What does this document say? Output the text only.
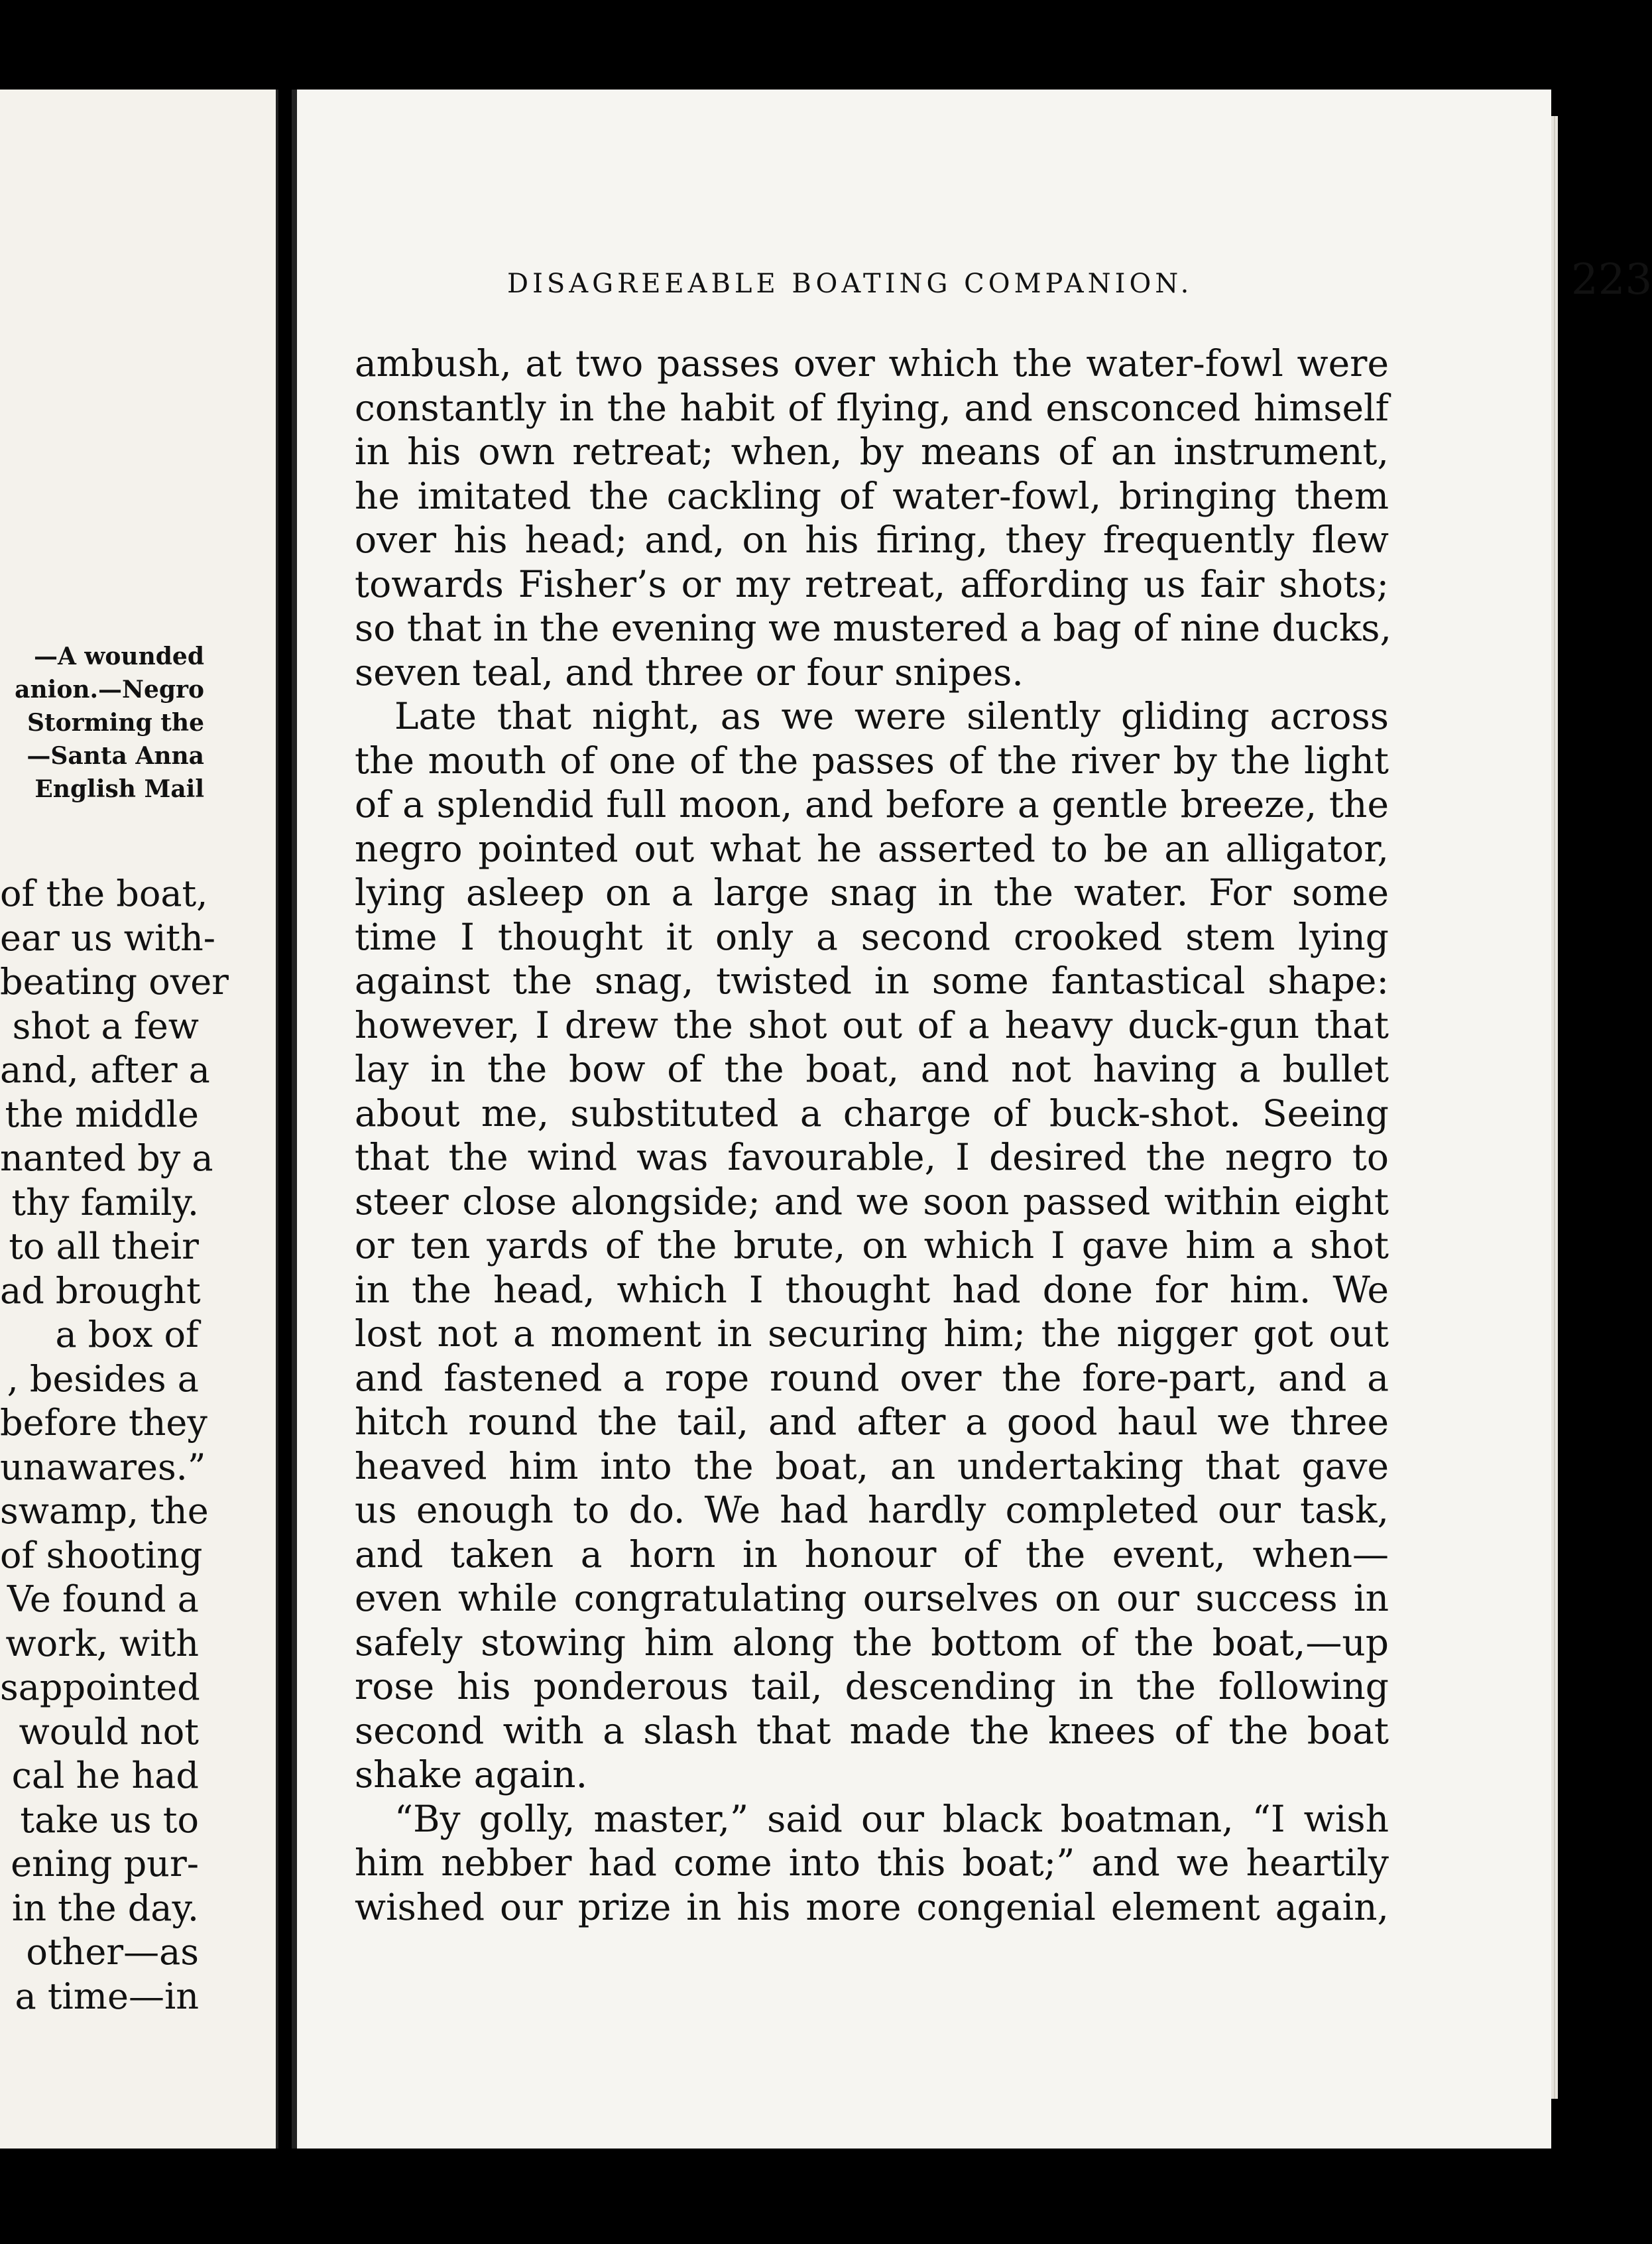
—A wounded
anion.—Negro
Storming the
—Santa Anna
English Mail
of the boat,
ear us with-
beating over
shot a few
and, after a
the middle
nanted by a
thy family.
to all their
ad brought
a box of
, besides a
before they
unawares.”
swamp, the
of shooting
Ve found a
work, with
sappointed
would not
cal he had
take us to
ening pur-
in the day.
other—as
a time—in
DISAGREEABLE BOATING COMPANION.	223

ambush, at two passes over which the water-fowl were
constantly in the habit of flying, and ensconced himself
in his own retreat; when, by means of an instrument,
he imitated the cackling of water-fowl, bringing them
over his head; and, on his firing, they frequently flew
towards Fisher’s or my retreat, affording us fair shots;
so that in the evening we mustered a bag of nine ducks,
seven teal, and three or four snipes.

Late that night, as we were silently gliding across
the mouth of one of the passes of the river by the light
of a splendid full moon, and before a gentle breeze, the
negro pointed out what he asserted to be an alligator,
lying asleep on a large snag in the water. For some
time I thought it only a second crooked stem lying
against the snag, twisted in some fantastical shape:
however, I drew the shot out of a heavy duck-gun that
lay in the bow of the boat, and not having a bullet
about me, substituted a charge of buck-shot. Seeing
that the wind was favourable, I desired the negro to
steer close alongside; and we soon passed within eight
or ten yards of the brute, on which I gave him a shot
in the head, which I thought had done for him. We
lost not a moment in securing him; the nigger got out
and fastened a rope round over the fore-part, and a
hitch round the tail, and after a good haul we three
heaved him into the boat, an undertaking that gave
us enough to do. We had hardly completed our task,
and taken a horn in honour of the event, when—
even while congratulating ourselves on our success in
safely stowing him along the bottom of the boat,—up
rose his ponderous tail, descending in the following
second with a slash that made the knees of the boat
shake again.

“By golly, master,” said our black boatman, “I wish
him nebber had come into this boat;” and we heartily
wished our prize in his more congenial element again,
